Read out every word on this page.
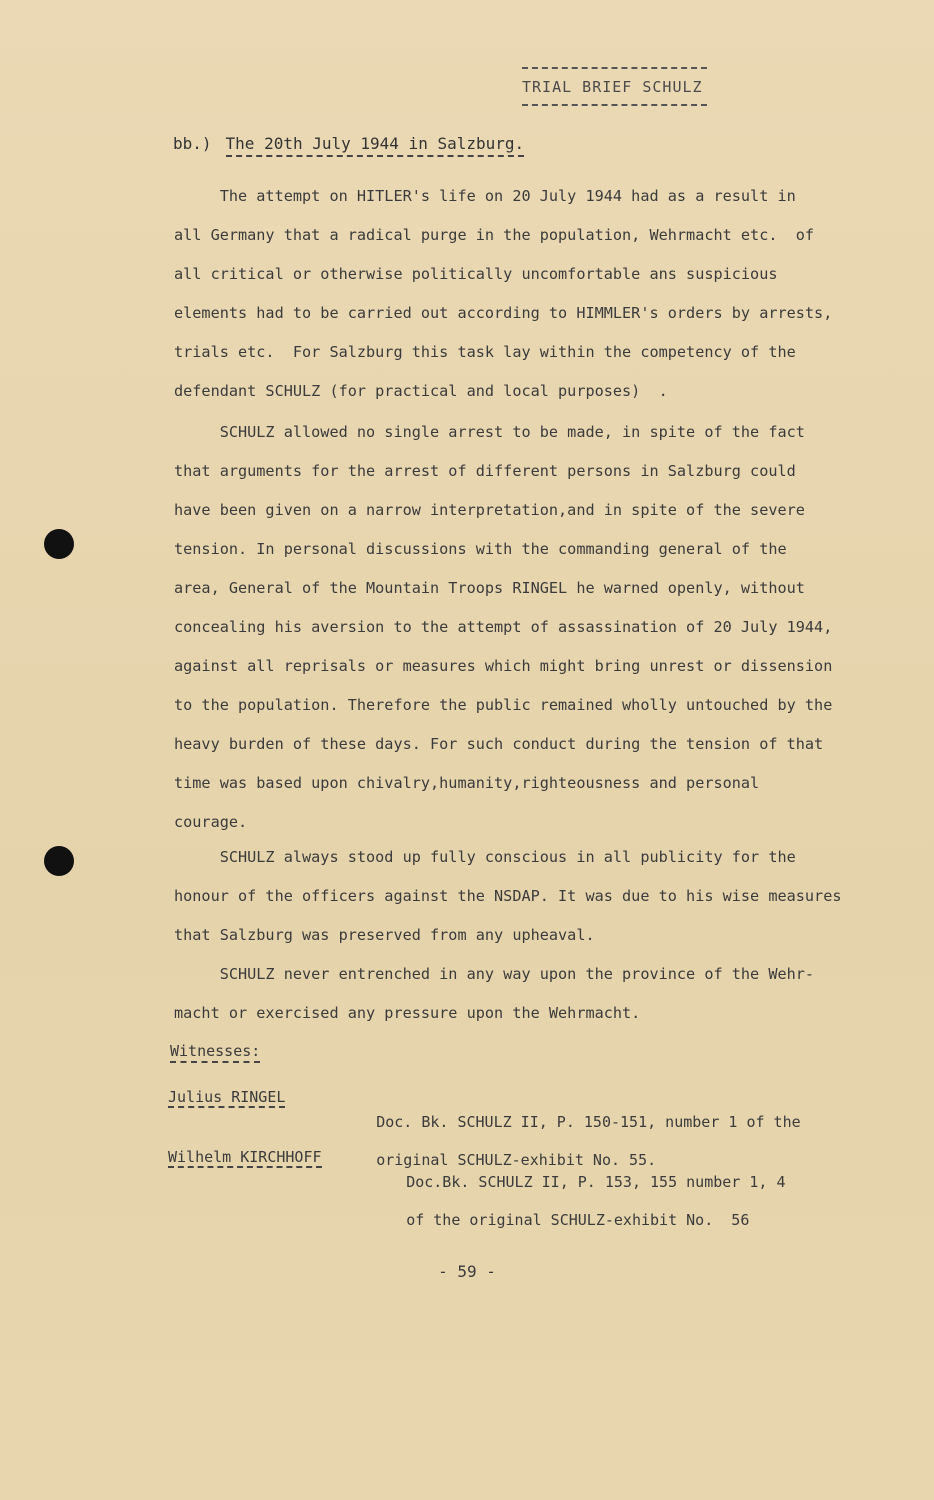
TRIAL BRIEF SCHULZ
bb.) The 20th July 1944 in Salzburg.
The attempt on HITLER's life on 20 July 1944 had as a result in
all Germany that a radical purge in the population, Wehrmacht etc.  of
all critical or otherwise politically uncomfortable ans suspicious
elements had to be carried out according to HIMMLER's orders by arrests,
trials etc.  For Salzburg this task lay within the competency of the
defendant SCHULZ (for practical and local purposes)  .
SCHULZ allowed no single arrest to be made, in spite of the fact
that arguments for the arrest of different persons in Salzburg could
have been given on a narrow interpretation,and in spite of the severe
tension. In personal discussions with the commanding general of the
area, General of the Mountain Troops RINGEL he warned openly, without
concealing his aversion to the attempt of assassination of 20 July 1944,
against all reprisals or measures which might bring unrest or dissension
to the population. Therefore the public remained wholly untouched by the
heavy burden of these days. For such conduct during the tension of that
time was based upon chivalry,humanity,righteousness and personal
courage.
SCHULZ always stood up fully conscious in all publicity for the
honour of the officers against the NSDAP. It was due to his wise measures
that Salzburg was preserved from any upheaval.
SCHULZ never entrenched in any way upon the province of the Wehr-
macht or exercised any pressure upon the Wehrmacht.
Witnesses:
Julius RINGEL

Doc. Bk. SCHULZ II, P. 150-151, number 1 of the

original SCHULZ-exhibit No. 55.

Wilhelm KIRCHHOFF

Doc.Bk. SCHULZ II, P. 153, 155 number 1, 4

of the original SCHULZ-exhibit No.  56

- 59 -
